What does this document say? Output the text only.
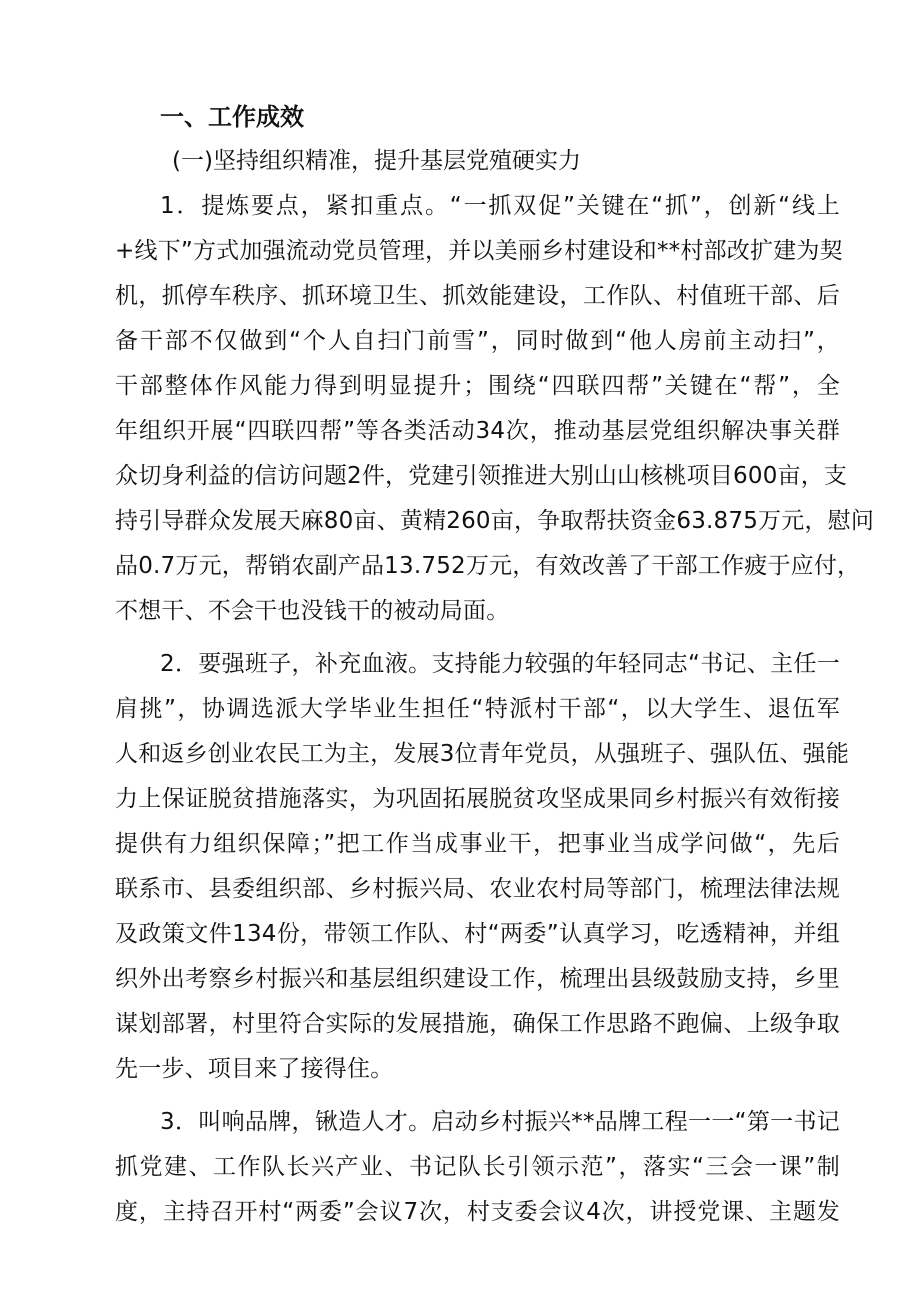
一、工作成效
(一)坚持组织精准，提升基层党殖硬实力
1．提炼要点，紧扣重点。“一抓双促”关键在“抓”，创新“线上
+线下”方式加强流动党员管理，并以美丽乡村建设和**村部改扩建为契
机，抓停车秩序、抓环境卫生、抓效能建设，工作队、村值班干部、后
备干部不仅做到“个人自扫门前雪”，同时做到“他人房前主动扫”，
干部整体作风能力得到明显提升；围绕“四联四帮”关键在“帮”，全
年组织开展“四联四帮”等各类活动34次，推动基层党组织解决事关群
众切身利益的信访问题2件，党建引领推进大别山山核桃项目600亩，支
持引导群众发展天麻80亩、黄精260亩，争取帮扶资金63.875万元，慰问
品0.7万元，帮销农副产品13.752万元，有效改善了干部工作疲于应付，
不想干、不会干也没钱干的被动局面。
2．要强班子，补充血液。支持能力较强的年轻同志“书记、主任一
肩挑”，协调选派大学毕业生担任“特派村干部“，以大学生、退伍军
人和返乡创业农民工为主，发展3位青年党员，从强班子、强队伍、强能
力上保证脱贫措施落实，为巩固拓展脱贫攻坚成果同乡村振兴有效衔接
提供有力组织保障；”把工作当成事业干，把事业当成学问做“，先后
联系市、县委组织部、乡村振兴局、农业农村局等部门，梳理法律法规
及政策文件134份，带领工作队、村“两委”认真学习，吃透精神，并组
织外出考察乡村振兴和基层组织建设工作，梳理出县级鼓励支持，乡里
谋划部署，村里符合实际的发展措施，确保工作思路不跑偏、上级争取
先一步、项目来了接得住。
3．叫响品牌，锹造人才。启动乡村振兴**品牌工程一一“第一书记
抓党建、工作队长兴产业、书记队长引领示范”，落实“三会一课”制
度，主持召开村“两委”会议7次，村支委会议4次，讲授党课、主题发
